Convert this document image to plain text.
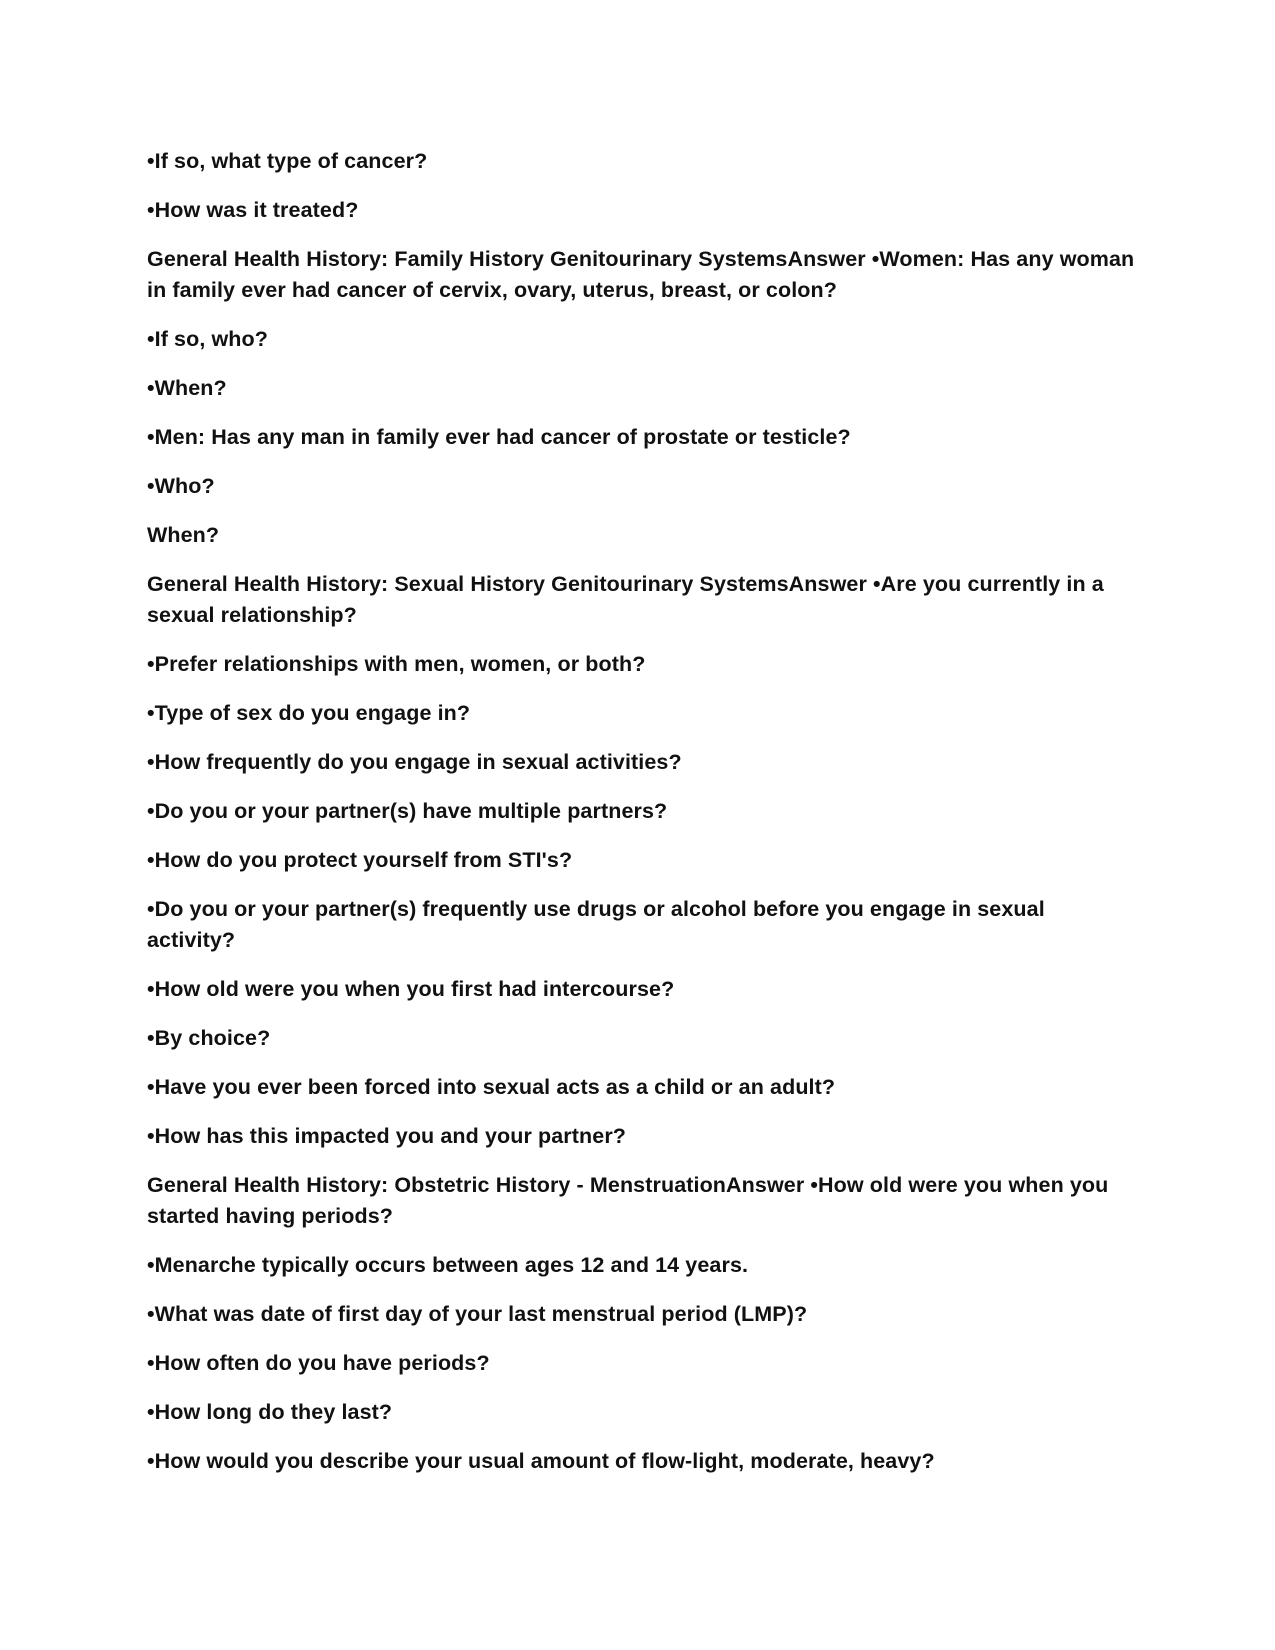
•If so, what type of cancer?

•How was it treated?

General Health History: Family History Genitourinary SystemsAnswer •Women: Has any woman in family ever had cancer of cervix, ovary, uterus, breast, or colon?

•If so, who?

•When?

•Men: Has any man in family ever had cancer of prostate or testicle?

•Who?

When?

General Health History: Sexual History Genitourinary SystemsAnswer •Are you currently in a sexual relationship?

•Prefer relationships with men, women, or both?

•Type of sex do you engage in?

•How frequently do you engage in sexual activities?

•Do you or your partner(s) have multiple partners?

•How do you protect yourself from STI's?

•Do you or your partner(s) frequently use drugs or alcohol before you engage in sexual activity?

•How old were you when you first had intercourse?

•By choice?

•Have you ever been forced into sexual acts as a child or an adult?

•How has this impacted you and your partner?

General Health History: Obstetric History - MenstruationAnswer •How old were you when you started having periods?

•Menarche typically occurs between ages 12 and 14 years.

•What was date of first day of your last menstrual period (LMP)?

•How often do you have periods?

•How long do they last?

•How would you describe your usual amount of flow-light, moderate, heavy?
